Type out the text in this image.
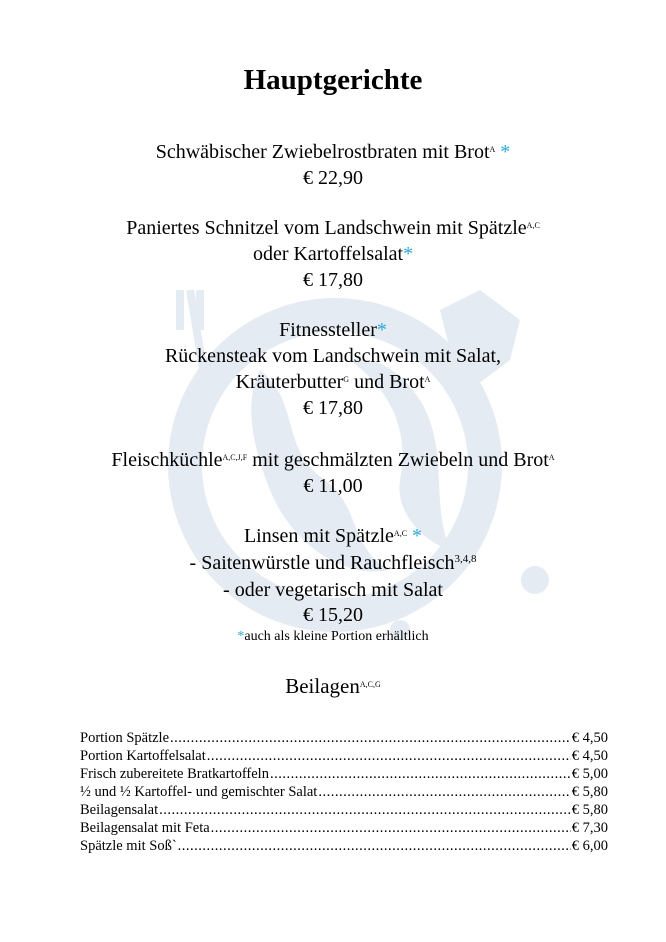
Hauptgerichte
Schwäbischer Zwiebelrostbraten mit Brot$^A$ *
€ 22,90
Paniertes Schnitzel vom Landschwein mit Spätzle$^{A,C}$
oder Kartoffelsalat*
€ 17,80
Fitnessteller*
Rückensteak vom Landschwein mit Salat,
Kräuterbutter$^G$ und Brot$^A$
€ 17,80
Fleischküchle$^{A,C,J,F}$ mit geschmälzten Zwiebeln und Brot$^A$
€ 11,00
Linsen mit Spätzle$^{A,C}$ *
- Saitenwürstle und Rauchfleisch$^{3,4,8}$
- oder vegetarisch mit Salat
€ 15,20
*auch als kleine Portion erhältlich
Beilagen$^{A,C,G}$
Portion Spätzle .....	€ 4,50
Portion Kartoffelsalat .....	€ 4,50
Frisch zubereitete Bratkartoffeln .....	€ 5,00
½ und ½ Kartoffel- und gemischter Salat .....	€ 5,80
Beilagensalat .....	€ 5,80
Beilagensalat mit Feta .....	€ 7,30
Spätzle mit Soß` .....	€ 6,00
